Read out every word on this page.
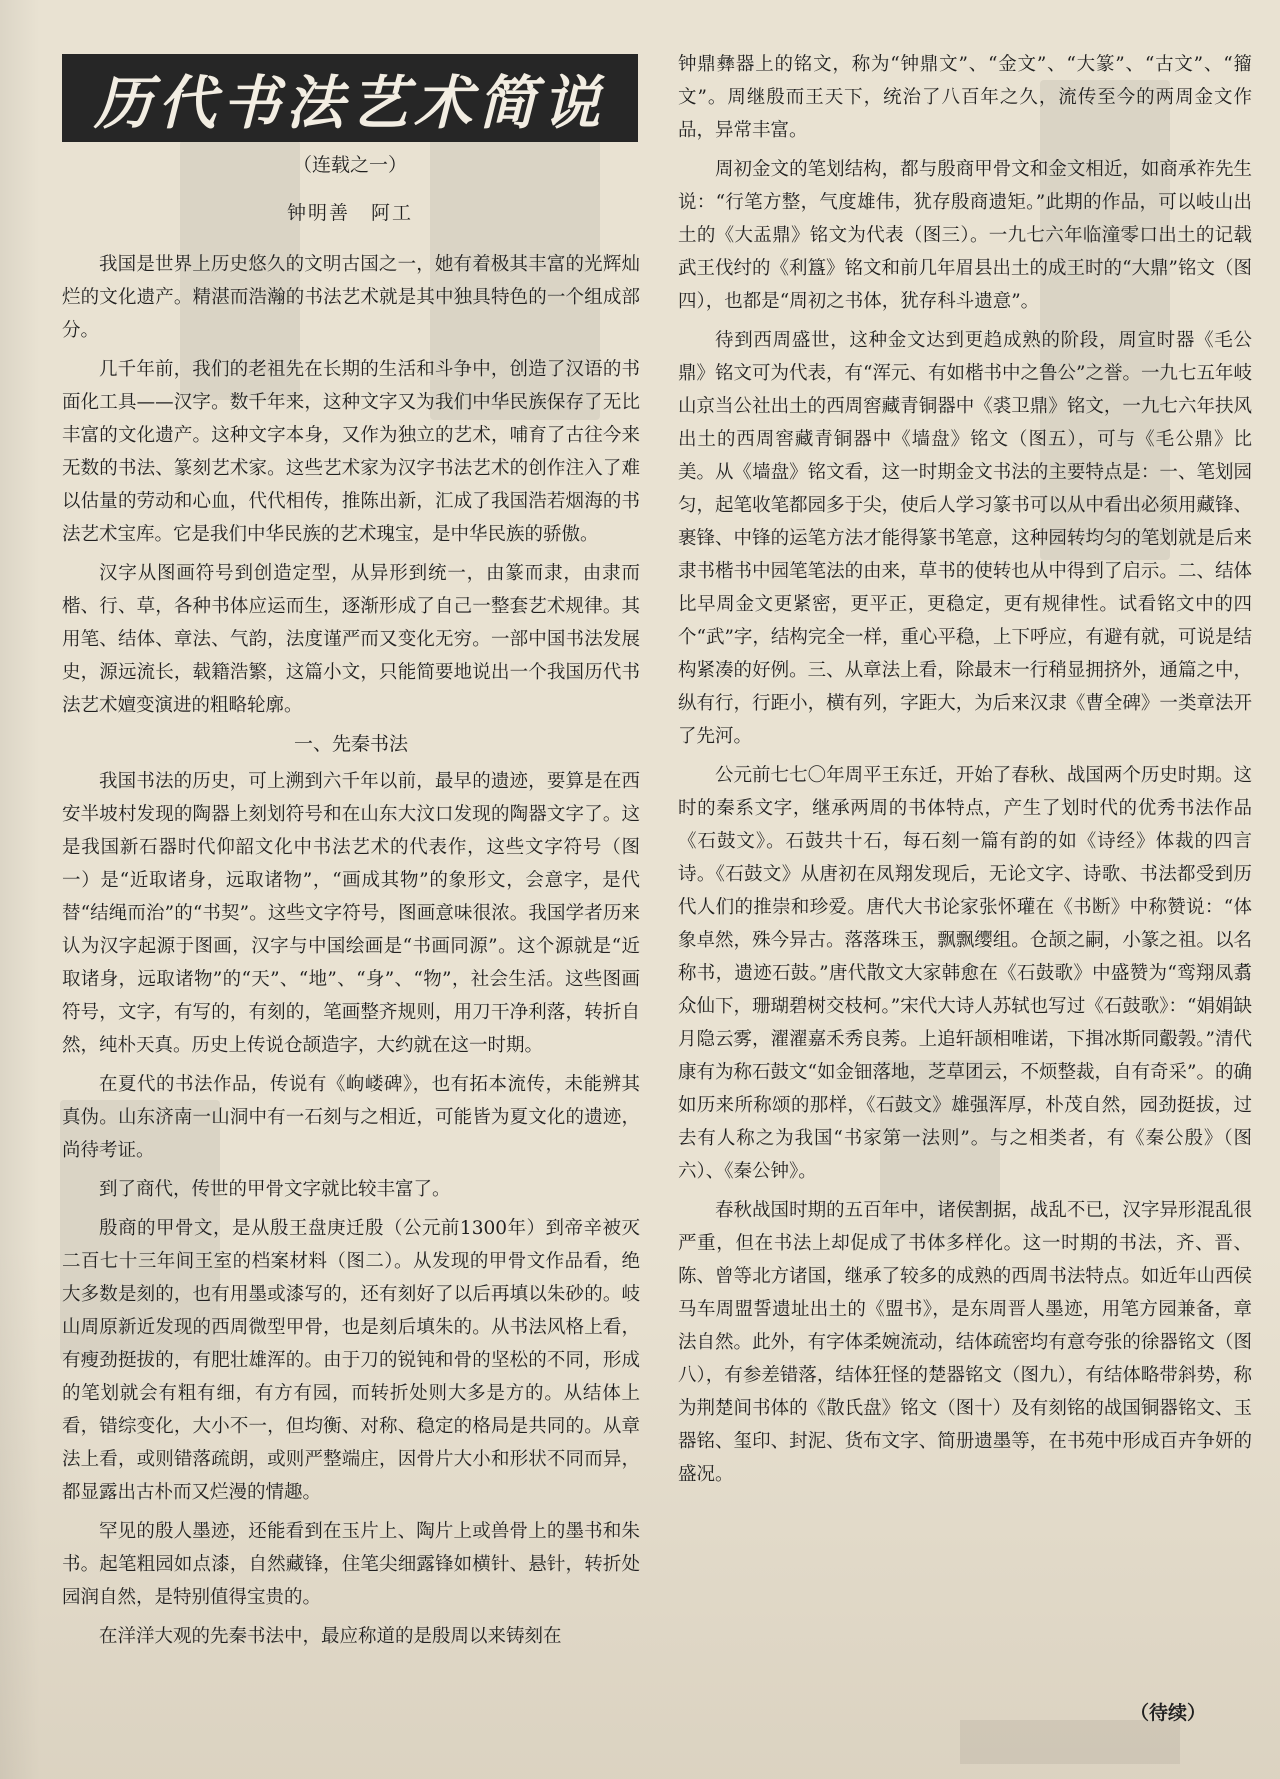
历代书法艺术简说
（连载之一）
钟明善　阿工

我国是世界上历史悠久的文明古国之一，她有着极其丰富的光辉灿烂的文化遗产。精湛而浩瀚的书法艺术就是其中独具特色的一个组成部分。

几千年前，我们的老祖先在长期的生活和斗争中，创造了汉语的书面化工具——汉字。数千年来，这种文字又为我们中华民族保存了无比丰富的文化遗产。这种文字本身，又作为独立的艺术，哺育了古往今来无数的书法、篆刻艺术家。这些艺术家为汉字书法艺术的创作注入了难以估量的劳动和心血，代代相传，推陈出新，汇成了我国浩若烟海的书法艺术宝库。它是我们中华民族的艺术瑰宝，是中华民族的骄傲。

汉字从图画符号到创造定型，从异形到统一，由篆而隶，由隶而楷、行、草，各种书体应运而生，逐渐形成了自己一整套艺术规律。其用笔、结体、章法、气韵，法度谨严而又变化无穷。一部中国书法发展史，源远流长，载籍浩繁，这篇小文，只能简要地说出一个我国历代书法艺术嬗变演进的粗略轮廓。

一、先秦书法

我国书法的历史，可上溯到六千年以前，最早的遗迹，要算是在西安半坡村发现的陶器上刻划符号和在山东大汶口发现的陶器文字了。这是我国新石器时代仰韶文化中书法艺术的代表作，这些文字符号（图一）是“近取诸身，远取诸物”，“画成其物”的象形文，会意字，是代替“结绳而治”的“书契”。这些文字符号，图画意味很浓。我国学者历来认为汉字起源于图画，汉字与中国绘画是“书画同源”。这个源就是“近取诸身，远取诸物”的“天”、“地”、“身”、“物”，社会生活。这些图画符号，文字，有写的，有刻的，笔画整齐规则，用刀干净利落，转折自然，纯朴天真。历史上传说仓颉造字，大约就在这一时期。

在夏代的书法作品，传说有《岣嵝碑》，也有拓本流传，未能辨其真伪。山东济南一山洞中有一石刻与之相近，可能皆为夏文化的遗迹，尚待考证。

到了商代，传世的甲骨文字就比较丰富了。

殷商的甲骨文，是从殷王盘庚迁殷（公元前1300年）到帝辛被灭二百七十三年间王室的档案材料（图二）。从发现的甲骨文作品看，绝大多数是刻的，也有用墨或漆写的，还有刻好了以后再填以朱砂的。岐山周原新近发现的西周微型甲骨，也是刻后填朱的。从书法风格上看，有瘦劲挺拔的，有肥壮雄浑的。由于刀的锐钝和骨的坚松的不同，形成的笔划就会有粗有细，有方有园，而转折处则大多是方的。从结体上看，错综变化，大小不一，但均衡、对称、稳定的格局是共同的。从章法上看，或则错落疏朗，或则严整端庄，因骨片大小和形状不同而异，都显露出古朴而又烂漫的情趣。

罕见的殷人墨迹，还能看到在玉片上、陶片上或兽骨上的墨书和朱书。起笔粗园如点漆，自然藏锋，住笔尖细露锋如横针、悬针，转折处园润自然，是特别值得宝贵的。

在洋洋大观的先秦书法中，最应称道的是殷周以来铸刻在

钟鼎彝器上的铭文，称为“钟鼎文”、“金文”、“大篆”、“古文”、“籀文”。周继殷而王天下，统治了八百年之久，流传至今的两周金文作品，异常丰富。

周初金文的笔划结构，都与殷商甲骨文和金文相近，如商承祚先生说：“行笔方整，气度雄伟，犹存殷商遗矩。”此期的作品，可以岐山出土的《大盂鼎》铭文为代表（图三）。一九七六年临潼零口出土的记载武王伐纣的《利簋》铭文和前几年眉县出土的成王时的“大鼎”铭文（图四），也都是“周初之书体，犹存科斗遗意”。

待到西周盛世，这种金文达到更趋成熟的阶段，周宣时器《毛公鼎》铭文可为代表，有“浑元、有如楷书中之鲁公”之誉。一九七五年岐山京当公社出土的西周窖藏青铜器中《裘卫鼎》铭文，一九七六年扶风出土的西周窖藏青铜器中《墙盘》铭文（图五），可与《毛公鼎》比美。从《墙盘》铭文看，这一时期金文书法的主要特点是：一、笔划园匀，起笔收笔都园多于尖，使后人学习篆书可以从中看出必须用藏锋、裹锋、中锋的运笔方法才能得篆书笔意，这种园转均匀的笔划就是后来隶书楷书中园笔笔法的由来，草书的使转也从中得到了启示。二、结体比早周金文更紧密，更平正，更稳定，更有规律性。试看铭文中的四个“武”字，结构完全一样，重心平稳，上下呼应，有避有就，可说是结构紧凑的好例。三、从章法上看，除最末一行稍显拥挤外，通篇之中，纵有行，行距小，横有列，字距大，为后来汉隶《曹全碑》一类章法开了先河。

公元前七七〇年周平王东迁，开始了春秋、战国两个历史时期。这时的秦系文字，继承两周的书体特点，产生了划时代的优秀书法作品《石鼓文》。石鼓共十石，每石刻一篇有韵的如《诗经》体裁的四言诗。《石鼓文》从唐初在凤翔发现后，无论文字、诗歌、书法都受到历代人们的推崇和珍爱。唐代大书论家张怀瓘在《书断》中称赞说：“体象卓然，殊今异古。落落珠玉，飘飘缨组。仓颉之嗣，小篆之祖。以名称书，遗迹石鼓。”唐代散文大家韩愈在《石鼓歌》中盛赞为“鸾翔凤翥众仙下，珊瑚碧树交枝柯。”宋代大诗人苏轼也写过《石鼓歌》：“娟娟缺月隐云雾，濯濯嘉禾秀良莠。上追轩颉相唯诺，下揖冰斯同鷇㝅。”清代康有为称石鼓文“如金钿落地，芝草团云，不烦整裁，自有奇采”。的确如历来所称颂的那样，《石鼓文》雄强浑厚，朴茂自然，园劲挺拔，过去有人称之为我国“书家第一法则”。与之相类者，有《秦公殷》（图六）、《秦公钟》。

春秋战国时期的五百年中，诸侯割据，战乱不已，汉字异形混乱很严重，但在书法上却促成了书体多样化。这一时期的书法，齐、晋、陈、曾等北方诸国，继承了较多的成熟的西周书法特点。如近年山西侯马车周盟誓遗址出土的《盟书》，是东周晋人墨迹，用笔方园兼备，章法自然。此外，有字体柔婉流动，结体疏密均有意夸张的徐器铭文（图八），有参差错落，结体狂怪的楚器铭文（图九），有结体略带斜势，称为荆楚间书体的《散氏盘》铭文（图十）及有刻铭的战国铜器铭文、玉器铭、玺印、封泥、货布文字、简册遗墨等，在书苑中形成百卉争妍的盛况。

（待续）
